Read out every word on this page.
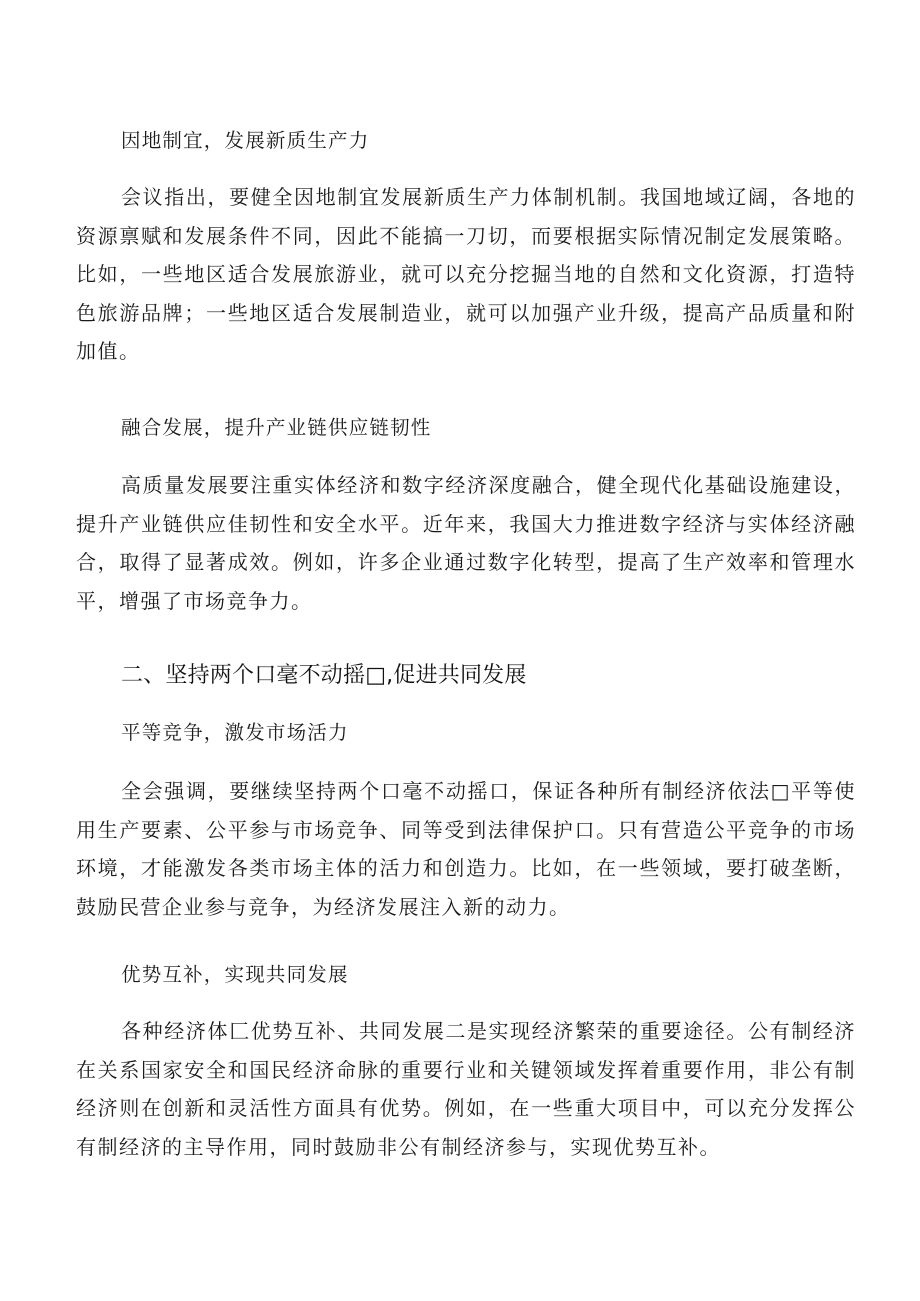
因地制宜，发展新质生产力

会议指出，要健全因地制宜发展新质生产力体制机制。我国地域辽阔，各地的资源禀赋和发展条件不同，因此不能搞一刀切，而要根据实际情况制定发展策略。比如，一些地区适合发展旅游业，就可以充分挖掘当地的自然和文化资源，打造特色旅游品牌；一些地区适合发展制造业，就可以加强产业升级，提高产品质量和附加值。

融合发展，提升产业链供应链韧性

高质量发展要注重实体经济和数字经济深度融合，健全现代化基础设施建设，提升产业链供应佳韧性和安全水平。近年来，我国大力推进数字经济与实体经济融合，取得了显著成效。例如，许多企业通过数字化转型，提高了生产效率和管理水平，增强了市场竞争力。

二、坚持两个口毫不动摇□,促进共同发展
平等竞争，激发市场活力

全会强调，要继续坚持两个口毫不动摇口，保证各种所有制经济依法□平等使用生产要素、公平参与市场竞争、同等受到法律保护口。只有营造公平竞争的市场环境，才能激发各类市场主体的活力和创造力。比如，在一些领域，要打破垄断，鼓励民营企业参与竞争，为经济发展注入新的动力。

优势互补，实现共同发展

各种经济体匚优势互补、共同发展二是实现经济繁荣的重要途径。公有制经济在关系国家安全和国民经济命脉的重要行业和关键领域发挥着重要作用，非公有制经济则在创新和灵活性方面具有优势。例如，在一些重大项目中，可以充分发挥公有制经济的主导作用，同时鼓励非公有制经济参与，实现优势互补。
